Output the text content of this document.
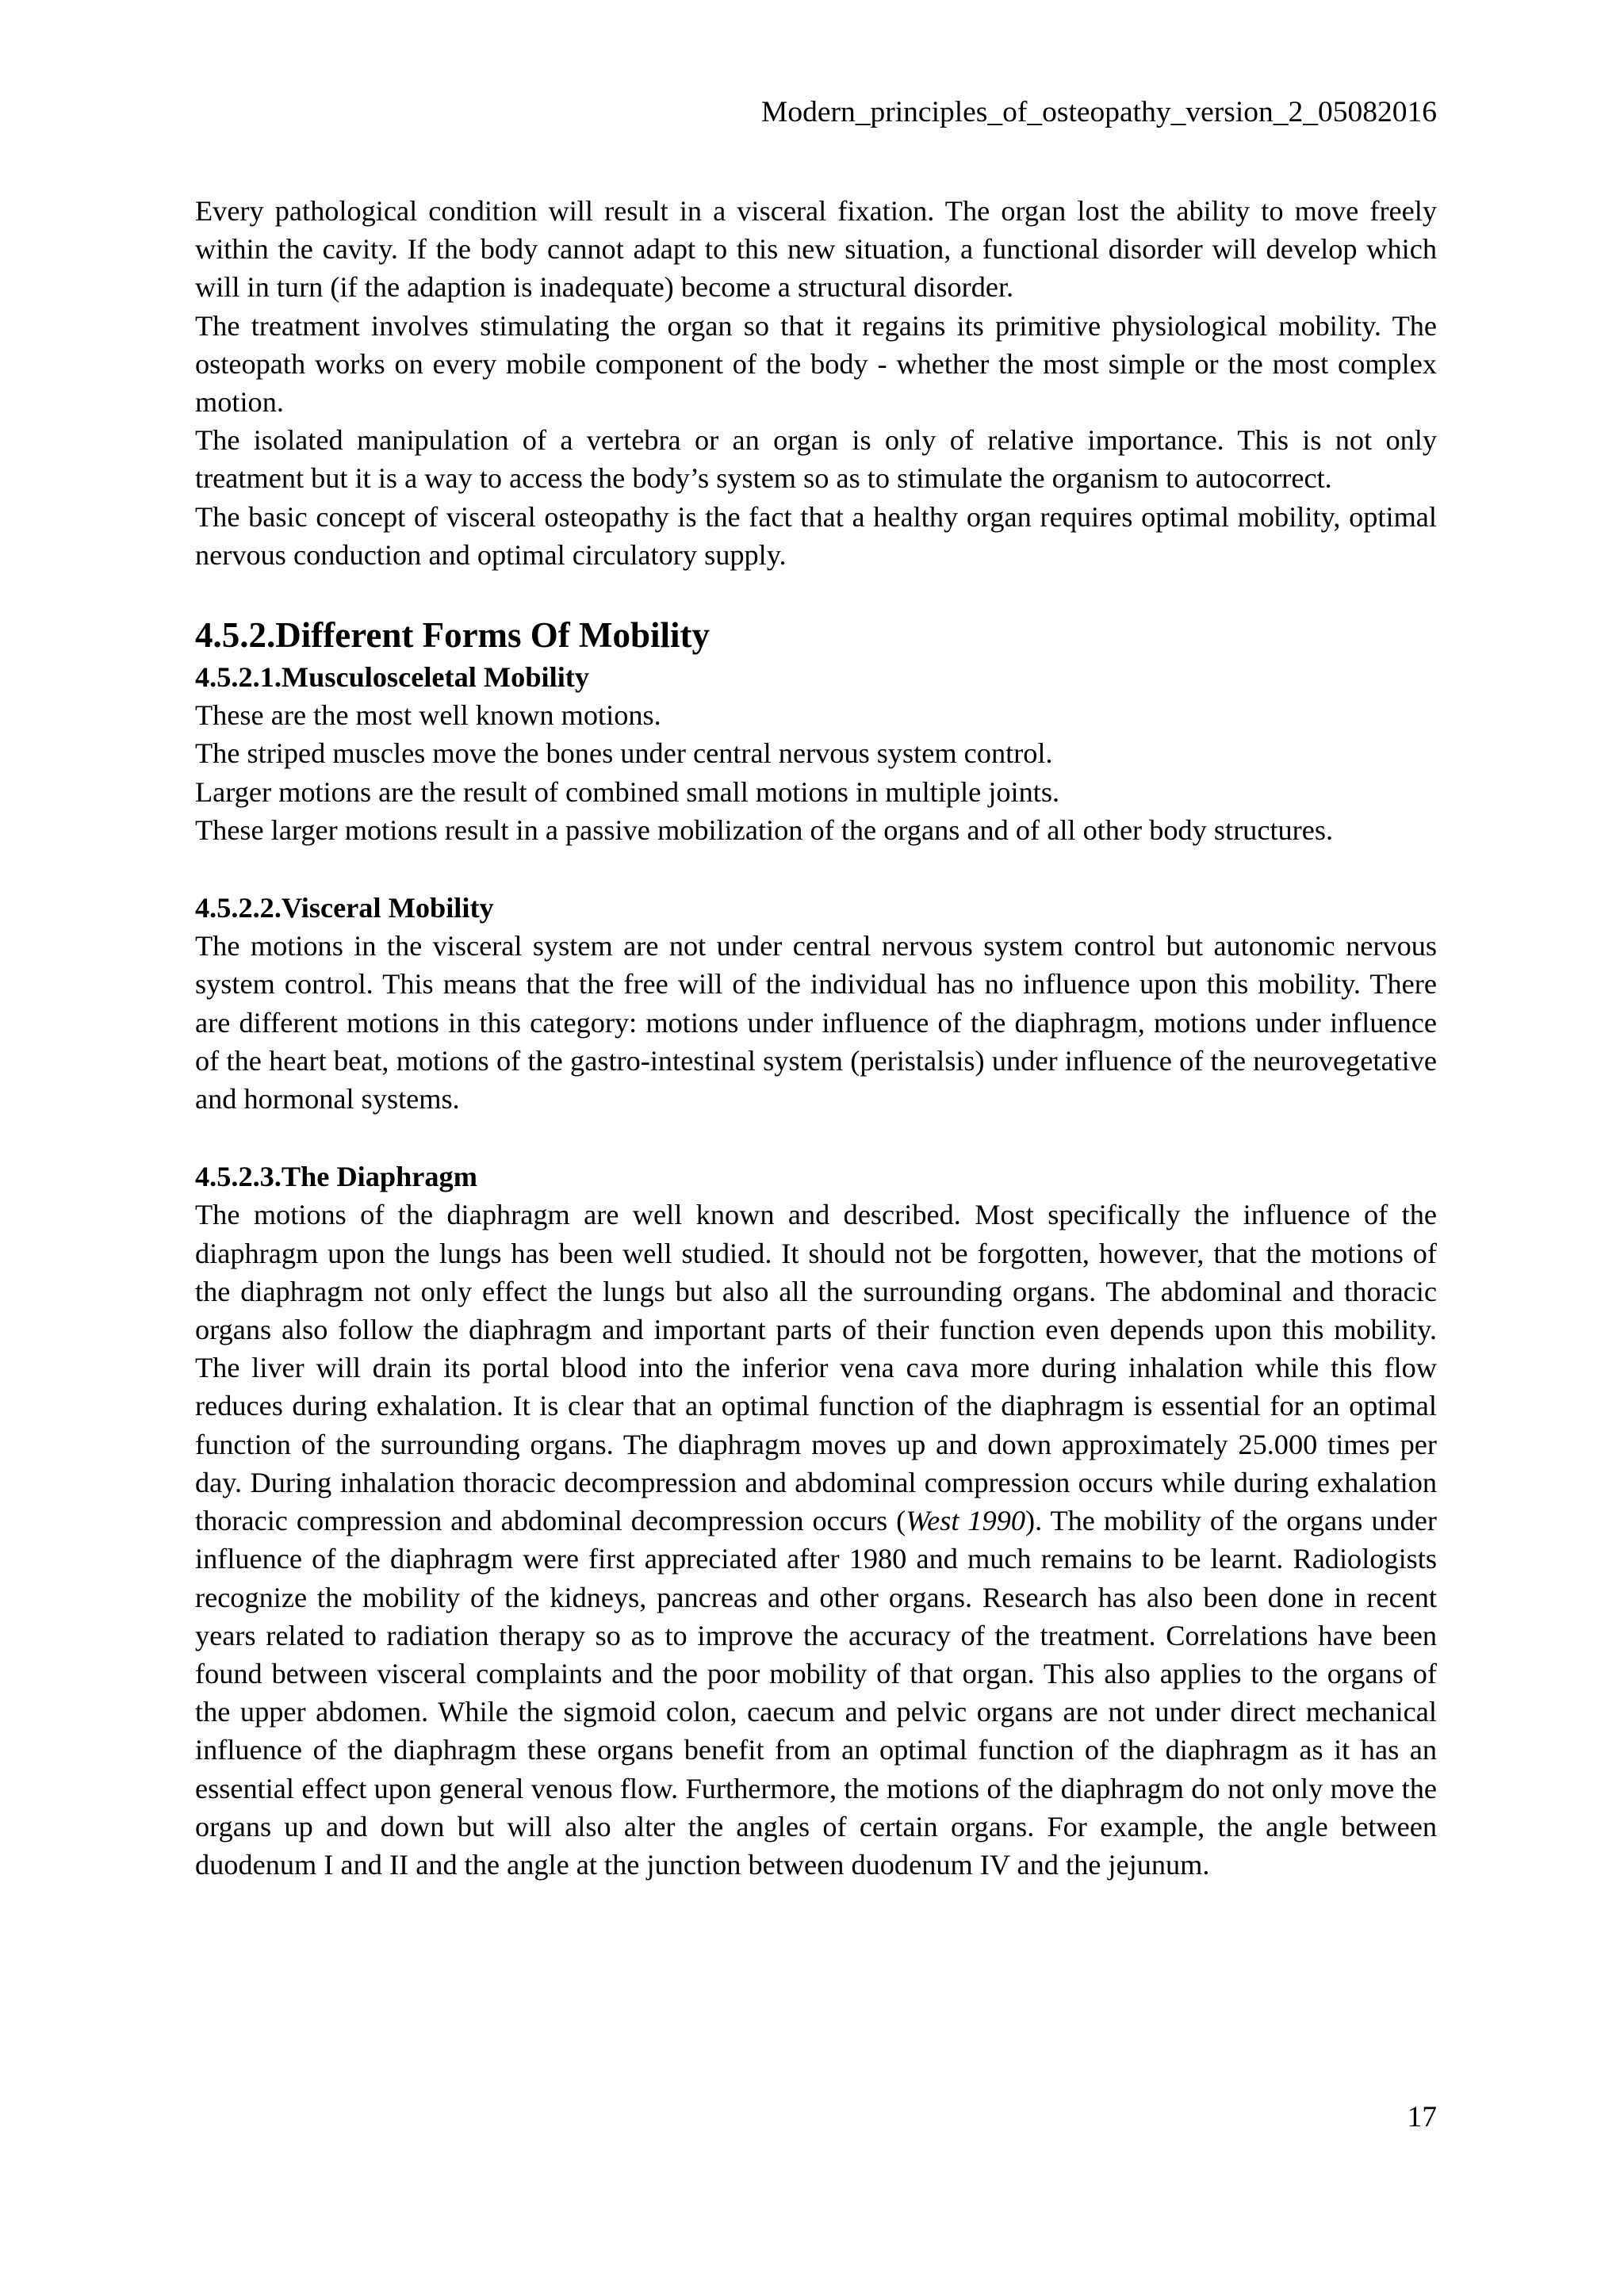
Modern_principles_of_osteopathy_version_2_05082016

Every pathological condition will result in a visceral fixation. The organ lost the ability to move freely within the cavity. If the body cannot adapt to this new situation, a functional disorder will develop which will in turn (if the adaption is inadequate) become a structural disorder.

The treatment involves stimulating the organ so that it regains its primitive physiological mobility. The osteopath works on every mobile component of the body - whether the most simple or the most complex motion.

The isolated manipulation of a vertebra or an organ is only of relative importance. This is not only treatment but it is a way to access the body’s system so as to stimulate the organism to autocorrect.

The basic concept of visceral osteopathy is the fact that a healthy organ requires optimal mobility, optimal nervous conduction and optimal circulatory supply.

4.5.2.Different Forms Of Mobility
4.5.2.1.Musculosceletal Mobility

These are the most well known motions.

The striped muscles move the bones under central nervous system control.

Larger motions are the result of combined small motions in multiple joints.

These larger motions result in a passive mobilization of the organs and of all other body structures.

4.5.2.2.Visceral Mobility

The motions in the visceral system are not under central nervous system control but autonomic nervous system control. This means that the free will of the individual has no influence upon this mobility. There are different motions in this category: motions under influence of the diaphragm, motions under influence of the heart beat, motions of the gastro-intestinal system (peristalsis) under influence of the neurovegetative and hormonal systems.

4.5.2.3.The Diaphragm

The motions of the diaphragm are well known and described. Most specifically the influence of the diaphragm upon the lungs has been well studied. It should not be forgotten, however, that the motions of the diaphragm not only effect the lungs but also all the surrounding organs. The abdominal and thoracic organs also follow the diaphragm and important parts of their function even depends upon this mobility. The liver will drain its portal blood into the inferior vena cava more during inhalation while this flow reduces during exhalation. It is clear that an optimal function of the diaphragm is essential for an optimal function of the surrounding organs. The diaphragm moves up and down approximately 25.000 times per day. During inhalation thoracic decompression and abdominal compression occurs while during exhalation thoracic compression and abdominal decompression occurs (West 1990). The mobility of the organs under influence of the diaphragm were first appreciated after 1980 and much remains to be learnt. Radiologists recognize the mobility of the kidneys, pancreas and other organs. Research has also been done in recent years related to radiation therapy so as to improve the accuracy of the treatment. Correlations have been found between visceral complaints and the poor mobility of that organ. This also applies to the organs of the upper abdomen. While the sigmoid colon, caecum and pelvic organs are not under direct mechanical influence of the diaphragm these organs benefit from an optimal function of the diaphragm as it has an essential effect upon general venous flow. Furthermore, the motions of the diaphragm do not only move the organs up and down but will also alter the angles of certain organs. For example, the angle between duodenum I and II and the angle at the junction between duodenum IV and the jejunum.

17
